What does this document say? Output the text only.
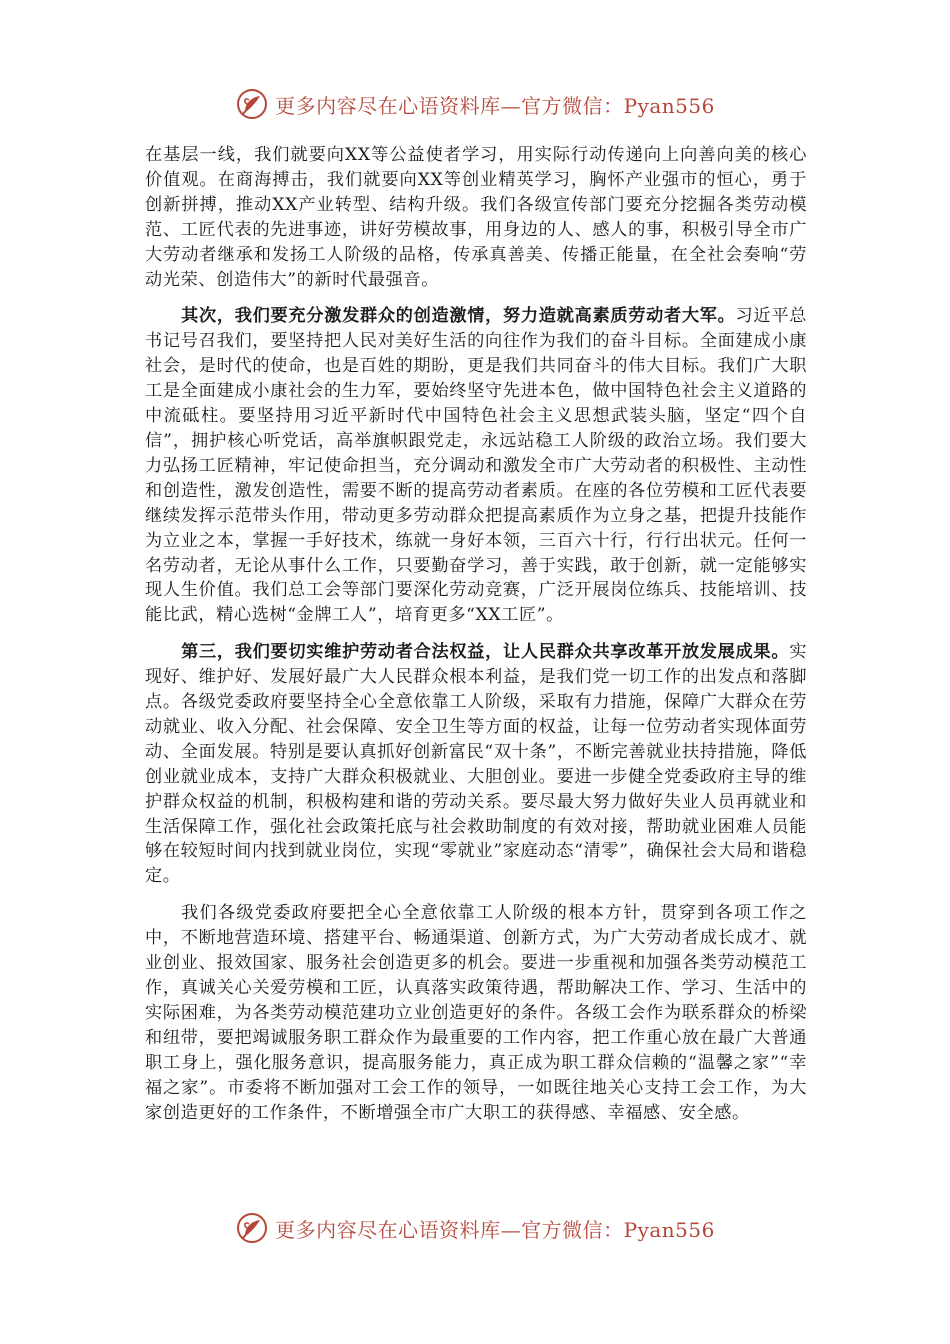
更多内容尽在心语资料库—官方微信：Pyan556

在基层一线，我们就要向XX等公益使者学习，用实际行动传递向上向善向美的核心价值观。在商海搏击，我们就要向XX等创业精英学习，胸怀产业强市的恒心，勇于创新拼搏，推动XX产业转型、结构升级。我们各级宣传部门要充分挖掘各类劳动模范、工匠代表的先进事迹，讲好劳模故事，用身边的人、感人的事，积极引导全市广大劳动者继承和发扬工人阶级的品格，传承真善美、传播正能量，在全社会奏响“劳动光荣、创造伟大”的新时代最强音。

其次，我们要充分激发群众的创造激情，努力造就高素质劳动者大军。习近平总书记号召我们，要坚持把人民对美好生活的向往作为我们的奋斗目标。全面建成小康社会，是时代的使命，也是百姓的期盼，更是我们共同奋斗的伟大目标。我们广大职工是全面建成小康社会的生力军，要始终坚守先进本色，做中国特色社会主义道路的中流砥柱。要坚持用习近平新时代中国特色社会主义思想武装头脑，坚定“四个自信”，拥护核心听党话，高举旗帜跟党走，永远站稳工人阶级的政治立场。我们要大力弘扬工匠精神，牢记使命担当，充分调动和激发全市广大劳动者的积极性、主动性和创造性，激发创造性，需要不断的提高劳动者素质。在座的各位劳模和工匠代表要继续发挥示范带头作用，带动更多劳动群众把提高素质作为立身之基，把提升技能作为立业之本，掌握一手好技术，练就一身好本领，三百六十行，行行出状元。任何一名劳动者，无论从事什么工作，只要勤奋学习，善于实践，敢于创新，就一定能够实现人生价值。我们总工会等部门要深化劳动竞赛，广泛开展岗位练兵、技能培训、技能比武，精心选树“金牌工人”，培育更多“XX工匠”。

第三，我们要切实维护劳动者合法权益，让人民群众共享改革开放发展成果。实现好、维护好、发展好最广大人民群众根本利益，是我们党一切工作的出发点和落脚点。各级党委政府要坚持全心全意依靠工人阶级，采取有力措施，保障广大群众在劳动就业、收入分配、社会保障、安全卫生等方面的权益，让每一位劳动者实现体面劳动、全面发展。特别是要认真抓好创新富民“双十条”，不断完善就业扶持措施，降低创业就业成本，支持广大群众积极就业、大胆创业。要进一步健全党委政府主导的维护群众权益的机制，积极构建和谐的劳动关系。要尽最大努力做好失业人员再就业和生活保障工作，强化社会政策托底与社会救助制度的有效对接，帮助就业困难人员能够在较短时间内找到就业岗位，实现“零就业”家庭动态“清零”，确保社会大局和谐稳定。

我们各级党委政府要把全心全意依靠工人阶级的根本方针，贯穿到各项工作之中，不断地营造环境、搭建平台、畅通渠道、创新方式，为广大劳动者成长成才、就业创业、报效国家、服务社会创造更多的机会。要进一步重视和加强各类劳动模范工作，真诚关心关爱劳模和工匠，认真落实政策待遇，帮助解决工作、学习、生活中的实际困难，为各类劳动模范建功立业创造更好的条件。各级工会作为联系群众的桥梁和纽带，要把竭诚服务职工群众作为最重要的工作内容，把工作重心放在最广大普通职工身上，强化服务意识，提高服务能力，真正成为职工群众信赖的“温馨之家”“幸福之家”。市委将不断加强对工会工作的领导，一如既往地关心支持工会工作，为大家创造更好的工作条件，不断增强全市广大职工的获得感、幸福感、安全感。

更多内容尽在心语资料库—官方微信：Pyan556
